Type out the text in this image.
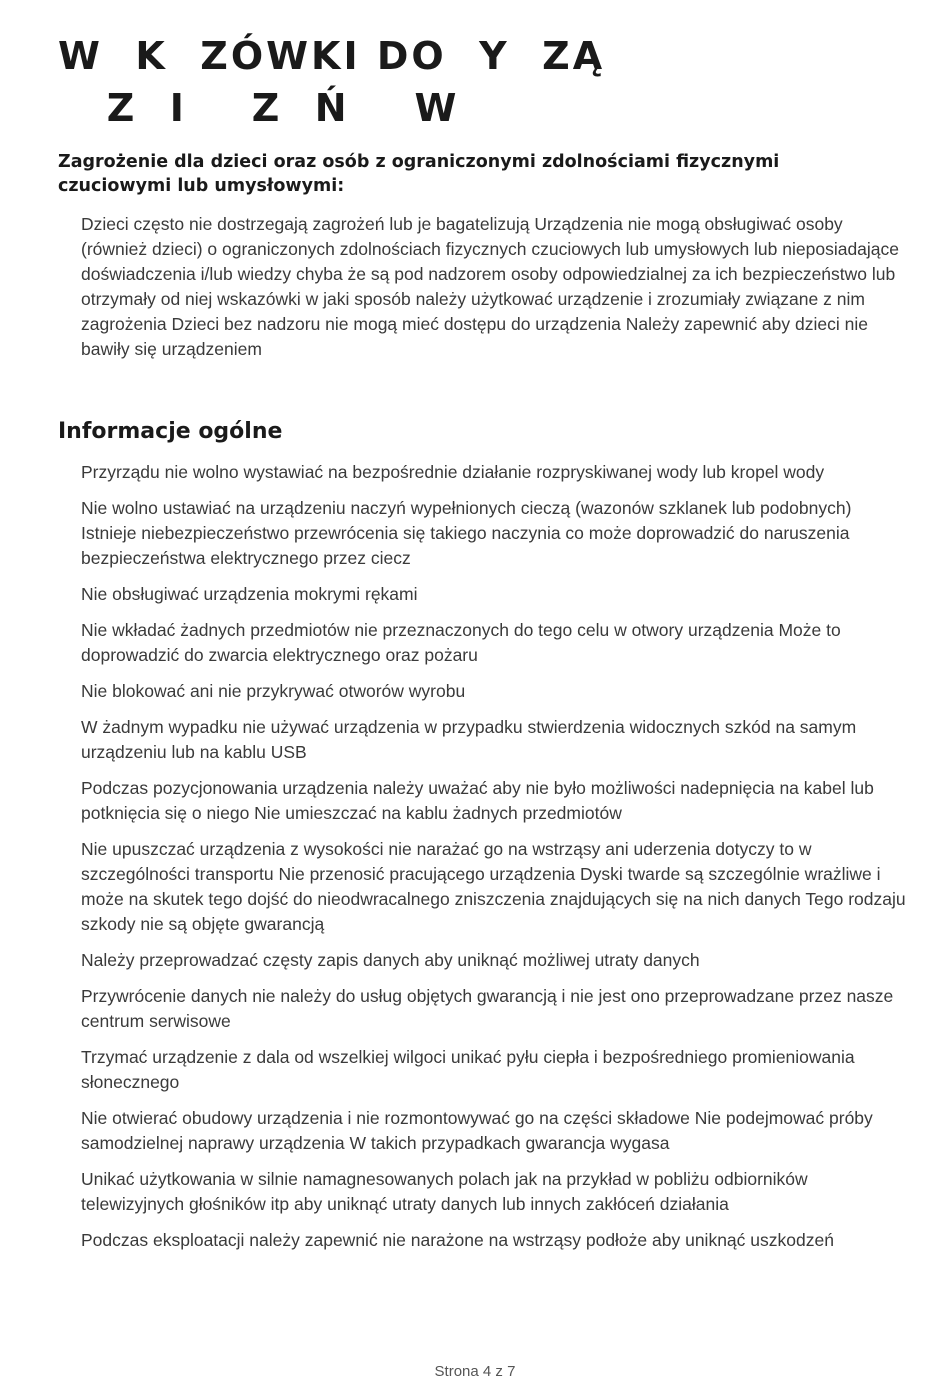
W  K  ZÓWKI DO  Y  ZĄ
Z  I    Z  Ń    W
Zagrożenie dla dzieci oraz osób z ograniczonymi zdolnościami fizycznymi czuciowymi lub umysłowymi:

Dzieci często nie dostrzegają zagrożeń lub je bagatelizują Urządzenia nie mogą obsługiwać osoby (również dzieci) o ograniczonych zdolnościach fizycznych czuciowych lub umysłowych lub nieposiadające doświadczenia i/lub wiedzy chyba że są pod nadzorem osoby odpowiedzialnej za ich bezpieczeństwo lub otrzymały od niej wskazówki w jaki sposób należy użytkować urządzenie i zrozumiały związane z nim zagrożenia Dzieci bez nadzoru nie mogą mieć dostępu do urządzenia Należy zapewnić aby dzieci nie bawiły się urządzeniem

Informacje ogólne

Przyrządu nie wolno wystawiać na bezpośrednie działanie rozpryskiwanej wody lub kropel wody

Nie wolno ustawiać na urządzeniu naczyń wypełnionych cieczą (wazonów szklanek lub podobnych) Istnieje niebezpieczeństwo przewrócenia się takiego naczynia co może doprowadzić do naruszenia bezpieczeństwa elektrycznego przez ciecz

Nie obsługiwać urządzenia mokrymi rękami

Nie wkładać żadnych przedmiotów nie przeznaczonych do tego celu w otwory urządzenia Może to doprowadzić do zwarcia elektrycznego oraz pożaru

Nie blokować ani nie przykrywać otworów wyrobu

W żadnym wypadku nie używać urządzenia w przypadku stwierdzenia widocznych szkód na samym urządzeniu lub na kablu USB

Podczas pozycjonowania urządzenia należy uważać aby nie było możliwości nadepnięcia na kabel lub potknięcia się o niego Nie umieszczać na kablu żadnych przedmiotów

Nie upuszczać urządzenia z wysokości nie narażać go na wstrząsy ani uderzenia dotyczy to w szczególności transportu Nie przenosić pracującego urządzenia Dyski twarde są szczególnie wrażliwe i może na skutek tego dojść do nieodwracalnego zniszczenia znajdujących się na nich danych Tego rodzaju szkody nie są objęte gwarancją

Należy przeprowadzać częsty zapis danych aby uniknąć możliwej utraty danych

Przywrócenie danych nie należy do usług objętych gwarancją i nie jest ono przeprowadzane przez nasze centrum serwisowe

Trzymać urządzenie z dala od wszelkiej wilgoci unikać pyłu ciepła i bezpośredniego promieniowania słonecznego

Nie otwierać obudowy urządzenia i nie rozmontowywać go na części składowe Nie podejmować próby samodzielnej naprawy urządzenia W takich przypadkach gwarancja wygasa

Unikać użytkowania w silnie namagnesowanych polach jak na przykład w pobliżu odbiorników telewizyjnych głośników itp aby uniknąć utraty danych lub innych zakłóceń działania

Podczas eksploatacji należy zapewnić nie narażone na wstrząsy podłoże aby uniknąć uszkodzeń

Strona 4 z 7
